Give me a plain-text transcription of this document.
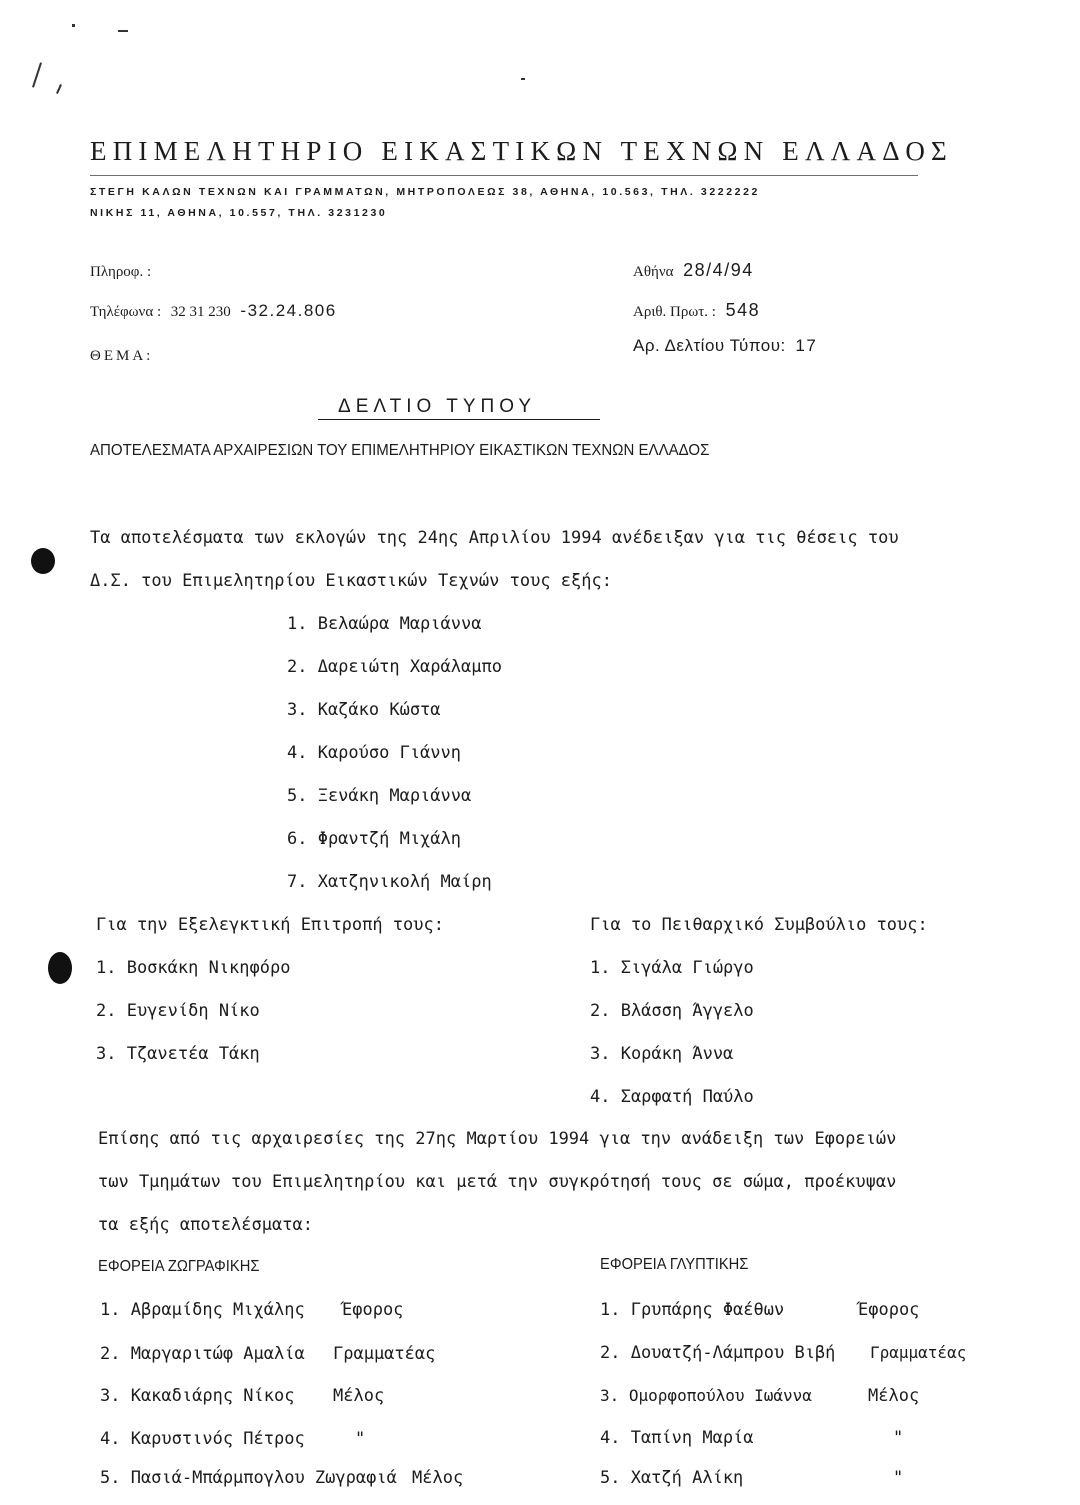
ΕΠΙΜΕΛΗΤΗΡΙΟ ΕΙΚΑΣΤΙΚΩΝ ΤΕΧΝΩΝ ΕΛΛΑΔΟΣ
ΣΤΕΓΗ ΚΑΛΩΝ ΤΕΧΝΩΝ ΚΑΙ ΓΡΑΜΜΑΤΩΝ, ΜΗΤΡΟΠΟΛΕΩΣ 38, ΑΘΗΝΑ, 10.563, ΤΗΛ. 3222222
ΝΙΚΗΣ 11, ΑΘΗΝΑ, 10.557, ΤΗΛ. 3231230
Πληροφ. :
Τηλέφωνα : 32 31 230 -32.24.806
ΘΕΜΑ:
Αθήνα 28/4/94
Αριθ. Πρωτ. : 548
Αρ. Δελτίου Τύπου: 17
ΔΕΛΤΙΟ ΤΥΠΟΥ
ΑΠΟΤΕΛΕΣΜΑΤΑ ΑΡΧΑΙΡΕΣΙΩΝ ΤΟΥ ΕΠΙΜΕΛΗΤΗΡΙΟΥ ΕΙΚΑΣΤΙΚΩΝ ΤΕΧΝΩΝ ΕΛΛΑΔΟΣ
Τα αποτελέσματα των εκλογών της 24ης Απριλίου 1994 ανέδειξαν για τις θέσεις του
Δ.Σ. του Επιμελητηρίου Εικαστικών Τεχνών τους εξής:
1. Βελαώρα Μαριάννα
2. Δαρειώτη Χαράλαμπο
3. Καζάκο Κώστα
4. Καρούσο Γιάννη
5. Ξενάκη Μαριάννα
6. Φραντζή Μιχάλη
7. Χατζηνικολή Μαίρη
Για την Εξελεγκτική Επιτροπή τους:
1. Βοσκάκη Νικηφόρο
2. Ευγενίδη Νίκο
3. Τζανετέα Τάκη
Για το Πειθαρχικό Συμβούλιο τους:
1. Σιγάλα Γιώργο
2. Βλάσση Άγγελο
3. Κοράκη Άννα
4. Σαρφατή Παύλο
Επίσης από τις αρχαιρεσίες της 27ης Μαρτίου 1994 για την ανάδειξη των Εφορειών
των Τμημάτων του Επιμελητηρίου και μετά την συγκρότησή τους σε σώμα, προέκυψαν
τα εξής αποτελέσματα:
ΕΦΟΡΕΙΑ ΖΩΓΡΑΦΙΚΗΣ
1. Αβραμίδης Μιχάλης Έφορος
2. Μαργαριτώφ Αμαλία Γραμματέας
3. Κακαδιάρης Νίκος Μέλος
4. Καρυστινός Πέτρος	"
5. Πασιά-Μπάρμπογλου Ζωγραφιά Μέλος
ΕΦΟΡΕΙΑ ΓΛΥΠΤΙΚΗΣ
1. Γρυπάρης Φαέθων	Έφορος
2. Δουατζή-Λάμπρου Βιβή Γραμματέας
3. Ομορφοπούλου Ιωάννα	Μέλος
4. Ταπίνη Μαρία	"
5. Χατζή Αλίκη	"
